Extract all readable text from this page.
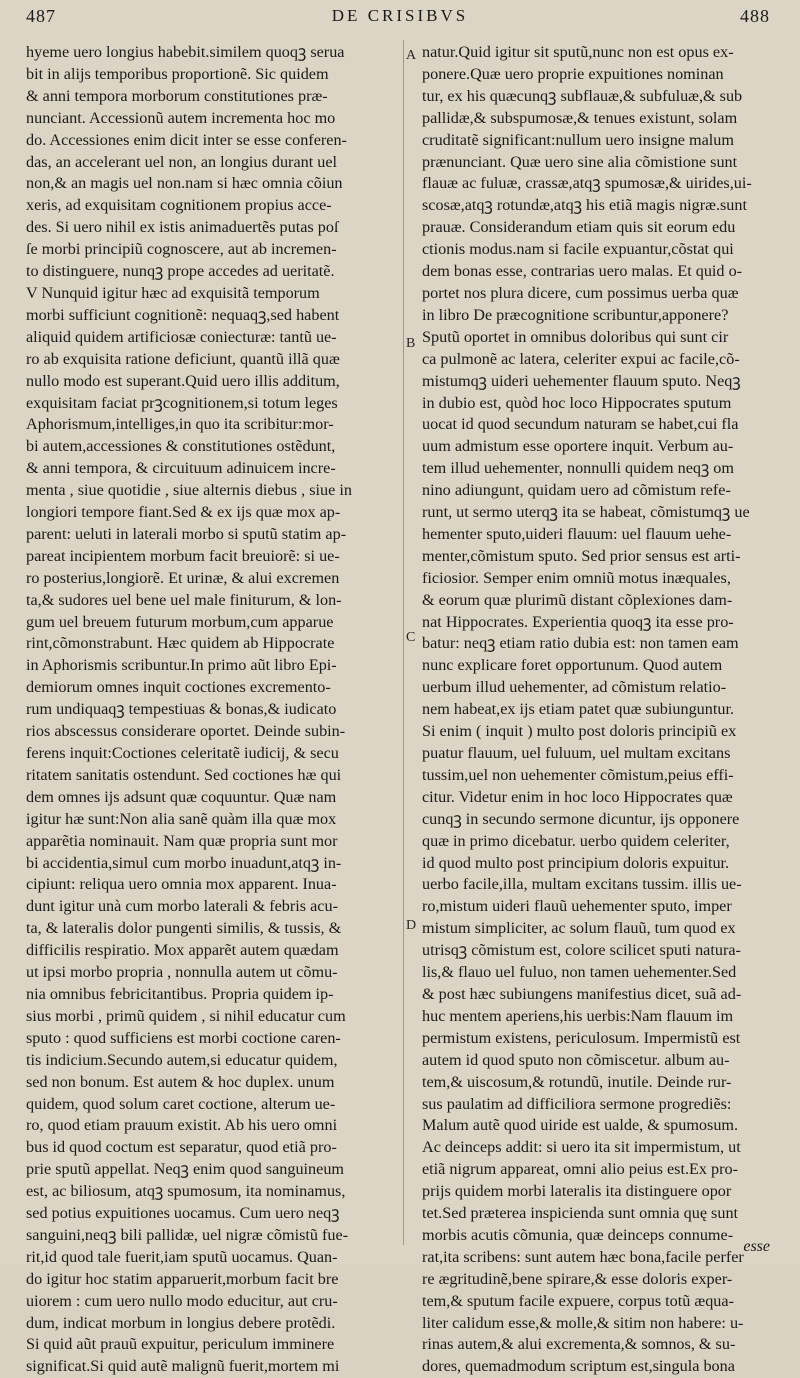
487	DE CRISIBVS	488
hyeme uero longius habebit.similem quoqꝫ serua
bit in alijs temporibus proportionẽ. Sic quidem
& anni tempora morborum constitutiones præ-
nunciant. Accessionũ autem incrementa hoc mo
do. Accessiones enim dicit inter se esse conferen-
das, an accelerant uel non, an longius durant uel
non,& an magis uel non.nam si hæc omnia cõiun
xeris, ad exquisitam cognitionem propius acce-
des. Si uero nihil ex istis animaduertẽs putas poſ
ſe morbi principiũ cognoscere, aut ab incremen-
to distinguere, nunqꝫ prope accedes ad ueritatẽ.
V Nunquid igitur hæc ad exquisitã temporum
morbi sufficiunt cognitionẽ: nequaqꝫ,sed habent
aliquid quidem artificiosæ coniecturæ: tantũ ue-
ro ab exquisita ratione deficiunt, quantũ illã quæ
nullo modo est superant.Quid uero illis additum,
exquisitam faciat prꝫcognitionem,si totum leges
Aphorismum,intelliges,in quo ita scribitur:mor-
bi autem,accessiones & constitutiones ostẽdunt,
& anni tempora, & circuituum adinuicem incre-
menta , siue quotidie , siue alternis diebus , siue in
longiori tempore fiant.Sed & ex ijs quæ mox ap-
parent: ueluti in laterali morbo si sputũ statim ap-
pareat incipientem morbum facit breuiorẽ: si ue-
ro posterius,longiorẽ. Et urinæ, & alui excremen
ta,& sudores uel bene uel male finiturum, & lon-
gum uel breuem futurum morbum,cum apparue
rint,cõmonstrabunt. Hæc quidem ab Hippocrate
in Aphorismis scribuntur.In primo aũt libro Epi-
demiorum omnes inquit coctiones excremento-
rum undiquaqꝫ tempestiuas & bonas,& iudicato
rios abscessus considerare oportet. Deinde subin-
ferens inquit:Coctiones celeritatẽ iudicij, & secu
ritatem sanitatis ostendunt. Sed coctiones hæ qui
dem omnes ijs adsunt quæ coquuntur. Quæ nam
igitur hæ sunt:Non alia sanẽ quàm illa quæ mox
apparẽtia nominauit. Nam quæ propria sunt mor
bi accidentia,simul cum morbo inuadunt,atqꝫ in-
cipiunt: reliqua uero omnia mox apparent. Inua-
dunt igitur unà cum morbo laterali & febris acu-
ta, & lateralis dolor pungenti similis, & tussis, &
difficilis respiratio. Mox apparẽt autem quædam
ut ipsi morbo propria , nonnulla autem ut cõmu-
nia omnibus febricitantibus. Propria quidem ip-
sius morbi , primũ quidem , si nihil educatur cum
sputo : quod sufficiens est morbi coctione caren-
tis indicium.Secundo autem,si educatur quidem,
sed non bonum. Est autem & hoc duplex. unum
quidem, quod solum caret coctione, alterum ue-
ro, quod etiam prauum existit. Ab his uero omni
bus id quod coctum est separatur, quod etiã pro-
prie sputũ appellat. Neqꝫ enim quod sanguineum
est, ac biliosum, atqꝫ spumosum, ita nominamus,
sed potius expuitiones uocamus. Cum uero neqꝫ
sanguini,neqꝫ bili pallidæ, uel nigræ cõmistũ fue-
rit,id quod tale fuerit,iam sputũ uocamus. Quan-
do igitur hoc statim apparuerit,morbum facit bre
uiorem : cum uero nullo modo educitur, aut cru-
dum, indicat morbum in longius debere protẽdi.
Si quid aũt prauũ expuitur, periculum imminere
significat.Si quid autẽ malignũ fuerit,mortem mi
natur.Quid igitur sit sputũ,nunc non est opus ex-
ponere.Quæ uero proprie expuitiones nominan
tur, ex his quæcunqꝫ subflauæ,& subfuluæ,& sub
pallidæ,& subspumosæ,& tenues existunt, solam
cruditatẽ significant:nullum uero insigne malum
prænunciant. Quæ uero sine alia cõmistione sunt
flauæ ac fuluæ, crassæ,atqꝫ spumosæ,& uirides,ui-
scosæ,atqꝫ rotundæ,atqꝫ his etiã magis nigræ.sunt
prauæ. Considerandum etiam quis sit eorum edu
ctionis modus.nam si facile expuantur,cõstat qui
dem bonas esse, contrarias uero malas. Et quid o-
portet nos plura dicere, cum possimus uerba quæ
in libro De præcognitione scribuntur,apponere?
Sputũ oportet in omnibus doloribus qui sunt cir
ca pulmonẽ ac latera, celeriter expui ac facile,cõ-
mistumqꝫ uideri uehementer flauum sputo. Neqꝫ
in dubio est, quòd hoc loco Hippocrates sputum
uocat id quod secundum naturam se habet,cui fla
uum admistum esse oportere inquit. Verbum au-
tem illud uehementer, nonnulli quidem neqꝫ om
nino adiungunt, quidam uero ad cõmistum refe-
runt, ut sermo uterqꝫ ita se habeat, cõmistumqꝫ ue
hementer sputo,uideri flauum: uel flauum uehe-
menter,cõmistum sputo. Sed prior sensus est arti-
ficiosior. Semper enim omniũ motus inæquales,
& eorum quæ plurimũ distant cõplexiones dam-
nat Hippocrates. Experientia quoqꝫ ita esse pro-
batur: neqꝫ etiam ratio dubia est: non tamen eam
nunc explicare foret opportunum. Quod autem
uerbum illud uehementer, ad cõmistum relatio-
nem habeat,ex ijs etiam patet quæ subiunguntur.
Si enim ( inquit ) multo post doloris principiũ ex
puatur flauum, uel fuluum, uel multam excitans
tussim,uel non uehementer cõmistum,peius effi-
citur. Videtur enim in hoc loco Hippocrates quæ
cunqꝫ in secundo sermone dicuntur, ijs opponere
quæ in primo dicebatur. uerbo quidem celeriter,
id quod multo post principium doloris expuitur.
uerbo facile,illa, multam excitans tussim. illis ue-
ro,mistum uideri flauũ uehementer sputo, imper
mistum simpliciter, ac solum flauũ, tum quod ex
utrisqꝫ cõmistum est, colore scilicet sputi natura-
lis,& flauo uel fuluo, non tamen uehementer.Sed
& post hæc subiungens manifestius dicet, suã ad-
huc mentem aperiens,his uerbis:Nam flauum im
permistum existens, periculosum. Impermistũ est
autem id quod sputo non cõmiscetur. album au-
tem,& uiscosum,& rotundũ, inutile. Deinde rur-
sus paulatim ad difficiliora sermone progrediẽs:
Malum autẽ quod uiride est ualde, & spumosum.
Ac deinceps addit: si uero ita sit impermistum, ut
etiã nigrum appareat, omni alio peius est.Ex pro-
prijs quidem morbi lateralis ita distinguere opor
tet.Sed præterea inspicienda sunt omnia quę sunt
morbis acutis cõmunia, quæ deinceps connume-
rat,ita scribens: sunt autem hæc bona,facile perfer
re ægritudinẽ,bene spirare,& esse doloris exper-
tem,& sputum facile expuere, corpus totũ æqua-
liter calidum esse,& molle,& sitim non habere: u-
rinas autem,& alui excrementa,& somnos, & su-
dores, quemadmodum scriptum est,singula bona
A
B
C
D
esse
